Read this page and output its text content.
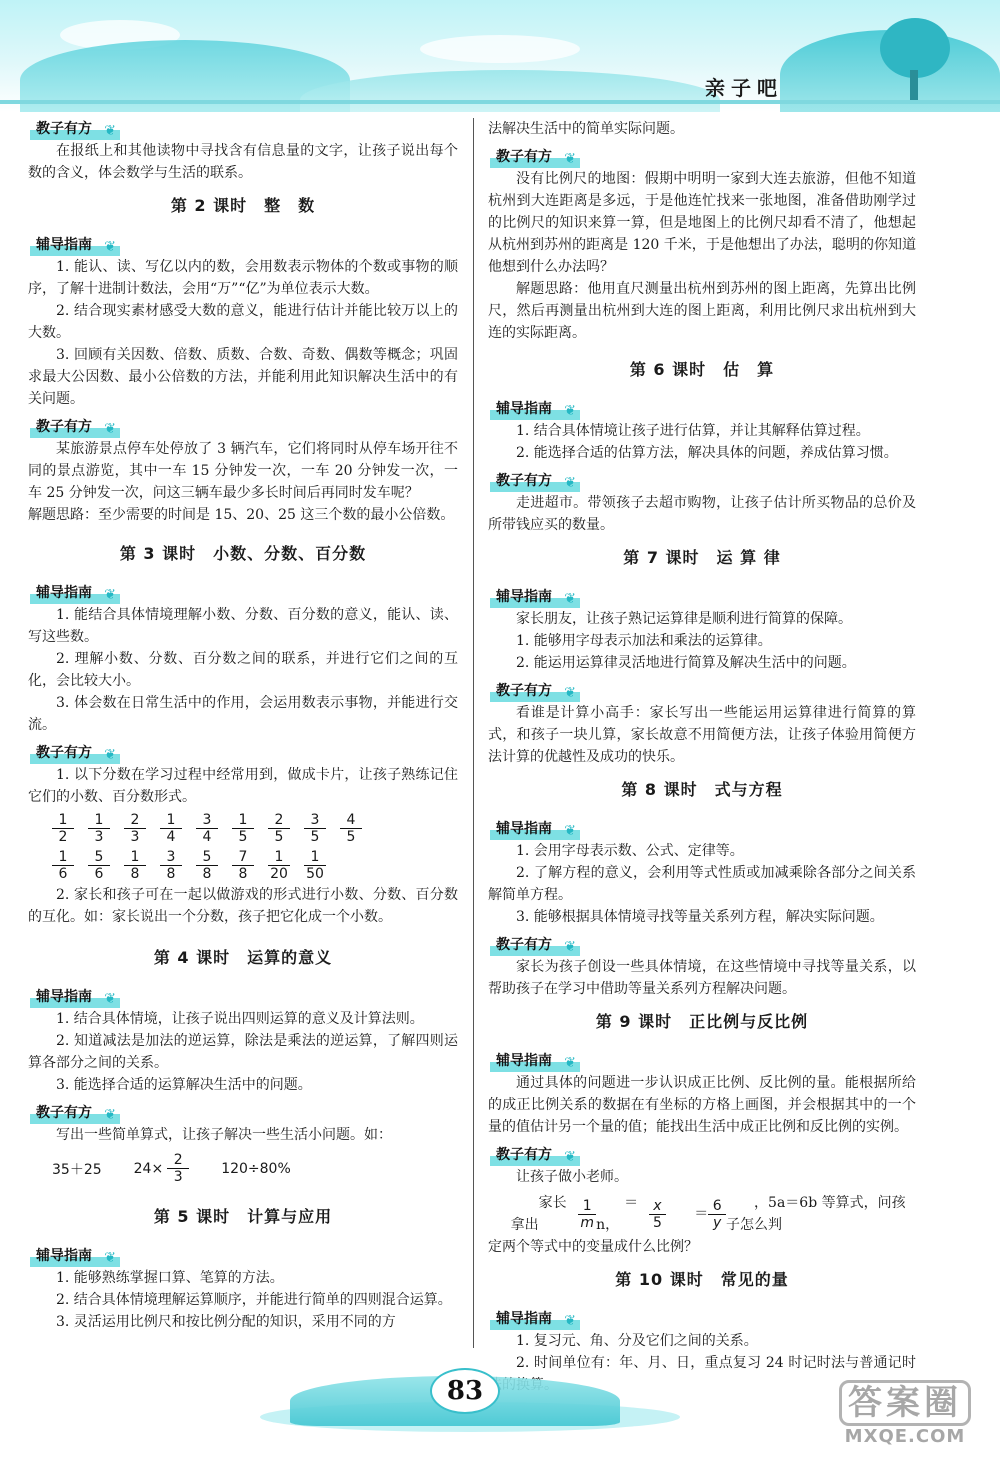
亲子吧
教子有方 ❦
在报纸上和其他读物中寻找含有信息量的文字，让孩子说出每个数的含义，体会数学与生活的联系。
第 2 课时　整　数
辅导指南 ❦
1. 能认、读、写亿以内的数，会用数表示物体的个数或事物的顺序，了解十进制计数法，会用“万”“亿”为单位表示大数。
2. 结合现实素材感受大数的意义，能进行估计并能比较万以上的大数。
3. 回顾有关因数、倍数、质数、合数、奇数、偶数等概念；巩固求最大公因数、最小公倍数的方法，并能利用此知识解决生活中的有关问题。
教子有方 ❦
某旅游景点停车处停放了 3 辆汽车，它们将同时从停车场开往不同的景点游览，其中一车 15 分钟发一次，一车 20 分钟发一次，一车 25 分钟发一次，问这三辆车最少多长时间后再同时发车呢？
解题思路：至少需要的时间是 15、20、25 这三个数的最小公倍数。
第 3 课时　小数、分数、百分数
辅导指南 ❦
1. 能结合具体情境理解小数、分数、百分数的意义，能认、读、写这些数。
2. 理解小数、分数、百分数之间的联系，并进行它们之间的互化，会比较大小。
3. 体会数在日常生活中的作用，会运用数表示事物，并能进行交流。
教子有方 ❦
1. 以下分数在学习过程中经常用到，做成卡片，让孩子熟练记住它们的小数、百分数形式。
$\frac{1}{2} \frac{1}{3} \frac{2}{3} \frac{1}{4} \frac{3}{4} \frac{1}{5} \frac{2}{5} \frac{3}{5} \frac{4}{5}$
$\frac{1}{6} \frac{5}{6} \frac{1}{8} \frac{3}{8} \frac{5}{8} \frac{7}{8} \frac{1}{20} \frac{1}{50}$
2. 家长和孩子可在一起以做游戏的形式进行小数、分数、百分数的互化。如：家长说出一个分数，孩子把它化成一个小数。
第 4 课时　运算的意义
辅导指南 ❦
1. 结合具体情境，让孩子说出四则运算的意义及计算法则。
2. 知道减法是加法的逆运算，除法是乘法的逆运算，了解四则运算各部分之间的关系。
3. 能选择合适的运算解决生活中的问题。
教子有方 ❦
写出一些简单算式，让孩子解决一些生活小问题。如：
35＋25 $24\times \frac{2}{3} 120\div 80\%$
第 5 课时　计算与应用
辅导指南 ❦
1. 能够熟练掌握口算、笔算的方法。
2. 结合具体情境理解运算顺序，并能进行简单的四则混合运算。
3. 灵活运用比例尺和按比例分配的知识，采用不同的方
法解决生活中的简单实际问题。
教子有方 ❦
没有比例尺的地图：假期中明明一家到大连去旅游，但他不知道杭州到大连距离是多远，于是他连忙找来一张地图，准备借助刚学过的比例尺的知识来算一算，但是地图上的比例尺却看不清了，他想起从杭州到苏州的距离是 120 千米，于是他想出了办法，聪明的你知道他想到什么办法吗？
解题思路：他用直尺测量出杭州到苏州的图上距离，先算出比例尺，然后再测量出杭州到大连的图上距离，利用比例尺求出杭州到大连的实际距离。
第 6 课时　估　算
辅导指南 ❦
1. 结合具体情境让孩子进行估算，并让其解释估算过程。
2. 能选择合适的估算方法，解决具体的问题，养成估算习惯。
教子有方 ❦
走进超市。带领孩子去超市购物，让孩子估计所买物品的总价及所带钱应买的数量。
第 7 课时　运 算 律
辅导指南 ❦
家长朋友，让孩子熟记运算律是顺利进行简算的保障。
1. 能够用字母表示加法和乘法的运算律。
2. 能运用运算律灵活地进行简算及解决生活中的问题。
教子有方 ❦
看谁是计算小高手：家长写出一些能运用运算律进行简算的算式，和孩子一块儿算，家长故意不用简便方法，让孩子体验用简便方法计算的优越性及成功的快乐。
第 8 课时　式与方程
辅导指南 ❦
1. 会用字母表示数、公式、定律等。
2. 了解方程的意义，会利用等式性质或加减乘除各部分之间关系解简单方程。
3. 能够根据具体情境寻找等量关系列方程，解决实际问题。
教子有方 ❦
家长为孩子创设一些具体情境，在这些情境中寻找等量关系，以帮助孩子在学习中借助等量关系列方程解决问题。
第 9 课时　正比例与反比例
辅导指南 ❦
通过具体的问题进一步认识成正比例、反比例的量。能根据所给的成正比例关系的数据在有坐标的方格上画图，并会根据其中的一个量的值估计另一个量的值；能找出生活中成正比例和反比例的实例。
教子有方 ❦
让孩子做小老师。
家长拿出	$\frac{1}{m}$	＝n，	$\frac{x}{5}$	＝ $\frac{6}{y}$	，5a＝6b 等算式，问孩子怎么判
定两个等式中的变量成什么比例？
第 10 课时　常见的量
辅导指南 ❦
1. 复习元、角、分及它们之间的关系。
2. 时间单位有：年、月、日，重点复习 24 时记时法与普通记时
83	答案圈
MXQE.COM
